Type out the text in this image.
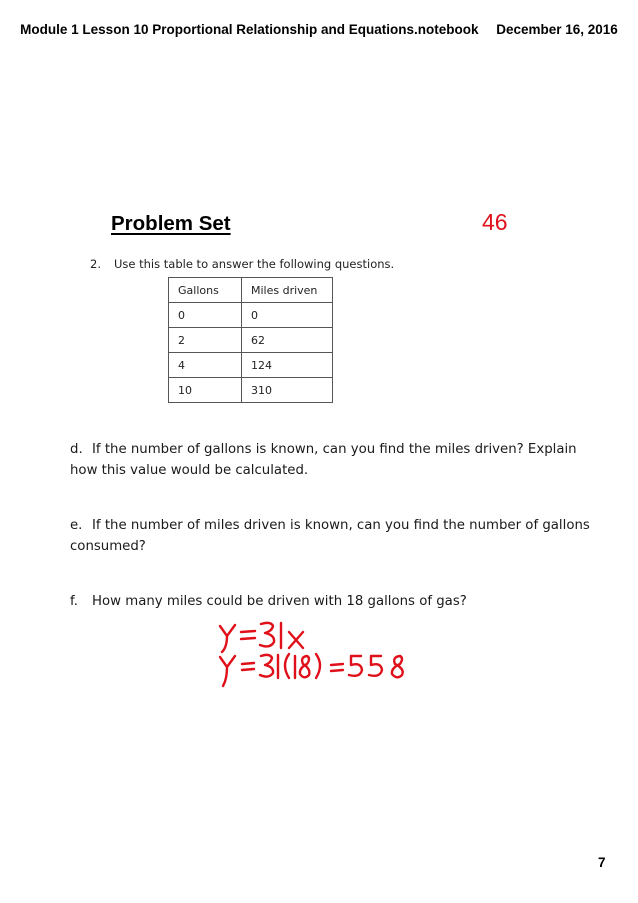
Module 1 Lesson 10 Proportional Relationship and Equations.notebook December 16, 2016
Problem Set	46
2. Use this table to answer the following questions.
Gallons	Miles driven
0	0
2	62
4	124
10	310
d. If the number of gallons is known, can you find the miles driven? Explain how this value would be calculated.
e. If the number of miles driven is known, can you find the number of gallons consumed?
f. How many miles could be driven with 18 gallons of gas?
7
